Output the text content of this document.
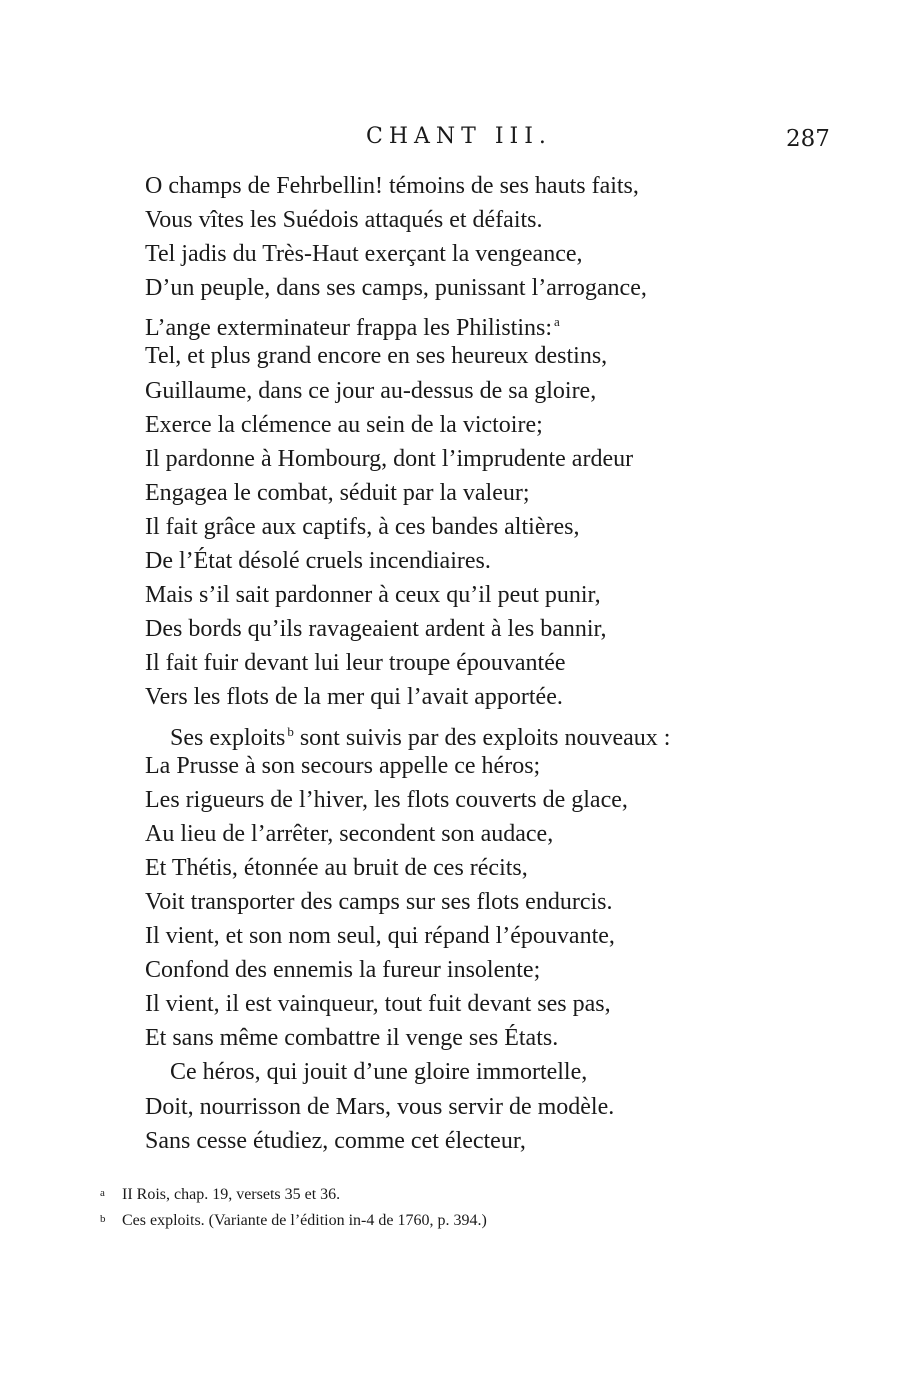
CHANT III.	287
O champs de Fehrbellin! témoins de ses hauts faits,
Vous vîtes les Suédois attaqués et défaits.
Tel jadis du Très-Haut exerçant la vengeance,
D’un peuple, dans ses camps, punissant l’arrogance,
L’ange exterminateur frappa les Philistins: $^a$
Tel, et plus grand encore en ses heureux destins,
Guillaume, dans ce jour au-dessus de sa gloire,
Exerce la clémence au sein de la victoire;
Il pardonne à Hombourg, dont l’imprudente ardeur
Engagea le combat, séduit par la valeur;
Il fait grâce aux captifs, à ces bandes altières,
De l’État désolé cruels incendiaires.
Mais s’il sait pardonner à ceux qu’il peut punir,
Des bords qu’ils ravageaient ardent à les bannir,
Il fait fuir devant lui leur troupe épouvantée
Vers les flots de la mer qui l’avait apportée.
Ses exploits $^b$ sont suivis par des exploits nouveaux :
La Prusse à son secours appelle ce héros;
Les rigueurs de l’hiver, les flots couverts de glace,
Au lieu de l’arrêter, secondent son audace,
Et Thétis, étonnée au bruit de ces récits,
Voit transporter des camps sur ses flots endurcis.
Il vient, et son nom seul, qui répand l’épouvante,
Confond des ennemis la fureur insolente;
Il vient, il est vainqueur, tout fuit devant ses pas,
Et sans même combattre il venge ses États.
Ce héros, qui jouit d’une gloire immortelle,
Doit, nourrisson de Mars, vous servir de modèle.
Sans cesse étudiez, comme cet électeur,
a II Rois, chap. 19, versets 35 et 36.
b Ces exploits. (Variante de l’édition in-4 de 1760, p. 394.)
